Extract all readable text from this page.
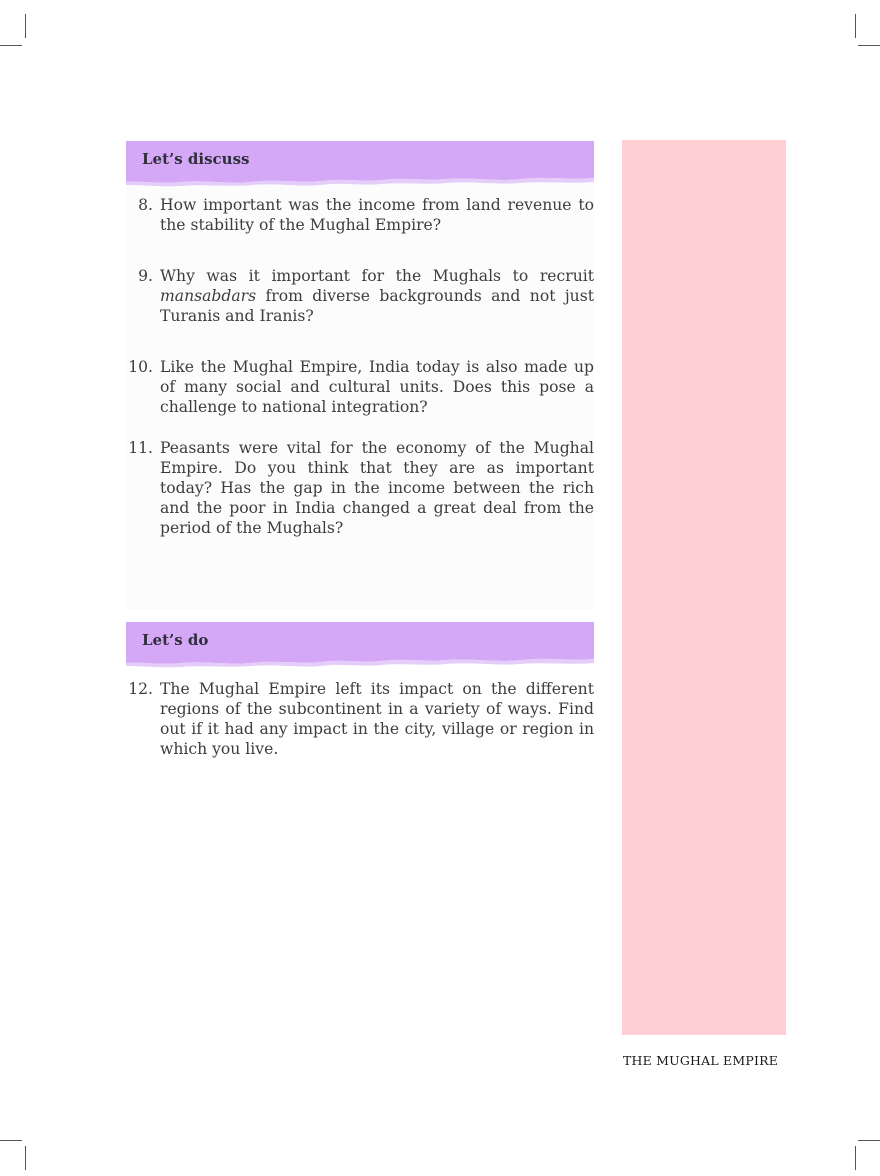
Let’s discuss
8. How important was the income from land revenue to the stability of the Mughal Empire?
9. Why was it important for the Mughals to recruit mansabdars from diverse backgrounds and not just Turanis and Iranis?
10. Like the Mughal Empire, India today is also made up of many social and cultural units. Does this pose a challenge to national integration?
11. Peasants were vital for the economy of the Mughal Empire. Do you think that they are as important today? Has the gap in the income between the rich and the poor in India changed a great deal from the period of the Mughals?
Let’s do
12. The Mughal Empire left its impact on the different regions of the subcontinent in a variety of ways. Find out if it had any impact in the city, village or region in which you live.
THE MUGHAL EMPIRE
